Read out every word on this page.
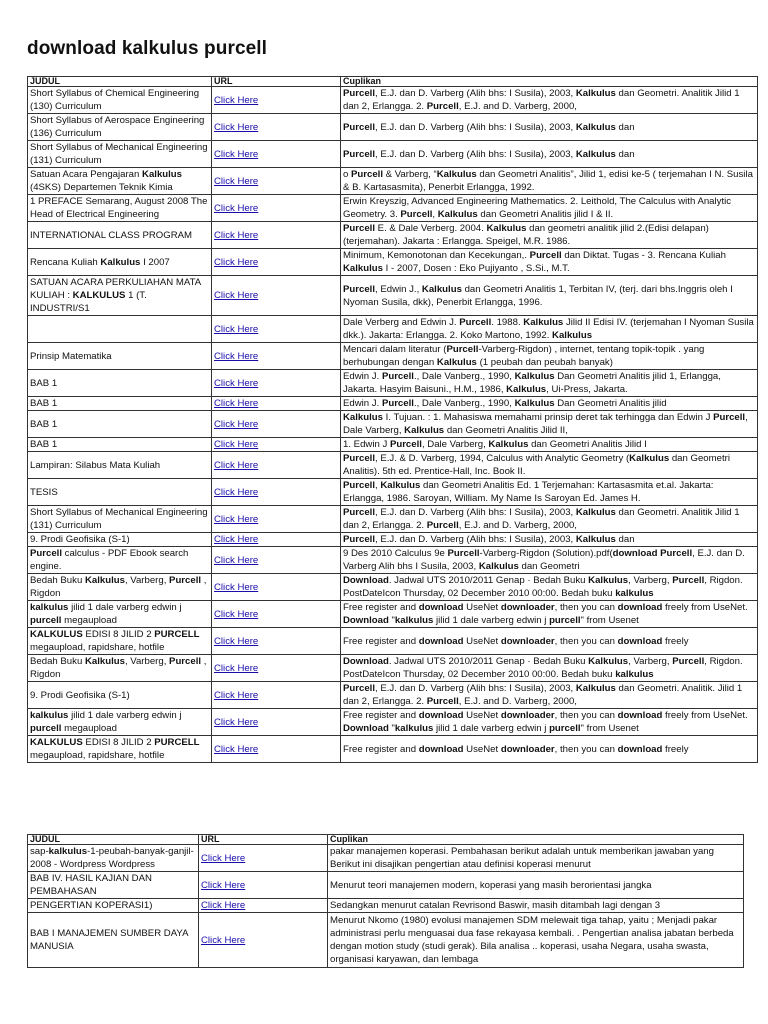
download kalkulus purcell
JUDUL	URL	Cuplikan
Short Syllabus of Chemical Engineering (130) Curriculum	Click Here	Purcell, E.J. dan D. Varberg (Alih bhs: I Susila), 2003, Kalkulus dan Geometri. Analitik Jilid 1 dan 2, Erlangga. 2. Purcell, E.J. and D. Varberg, 2000,
Short Syllabus of Aerospace Engineering (136) Curriculum	Click Here	Purcell, E.J. dan D. Varberg (Alih bhs: I Susila), 2003, Kalkulus dan
Short Syllabus of Mechanical Engineering (131) Curriculum	Click Here	Purcell, E.J. dan D. Varberg (Alih bhs: I Susila), 2003, Kalkulus dan
Satuan Acara Pengajaran Kalkulus (4SKS) Departemen Teknik Kimia	Click Here	o Purcell & Varberg, “Kalkulus dan Geometri Analitis”, Jilid 1, edisi ke-5 ( terjemahan I N. Susila & B. Kartasasmita), Penerbit Erlangga, 1992.
1 PREFACE Semarang, August 2008 The Head of Electrical Engineering	Click Here	Erwin Kreyszig, Advanced Engineering Mathematics. 2. Leithold, The Calculus with Analytic Geometry. 3. Purcell, Kalkulus dan Geometri Analitis jilid I & II.
INTERNATIONAL CLASS PROGRAM	Click Here	Purcell E. & Dale Verberg. 2004. Kalkulus dan geometri analitik jilid 2.(Edisi delapan) (terjemahan). Jakarta : Erlangga. Speigel, M.R. 1986.
Rencana Kuliah Kalkulus I 2007	Click Here	Minimum, Kemonotonan dan Kecekungan,. Purcell dan Diktat. Tugas - 3. Rencana Kuliah Kalkulus I - 2007, Dosen : Eko Pujiyanto , S.Si., M.T.
SATUAN ACARA PERKULIAHAN MATA KULIAH : KALKULUS 1 (T. INDUSTRI/S1	Click Here	Purcell, Edwin J., Kalkulus dan Geometri Analitis 1, Terbitan IV, (terj. dari bhs.Inggris oleh I Nyoman Susila, dkk), Penerbit Erlangga, 1996.
	Click Here	Dale Verberg and Edwin J. Purcell. 1988. Kalkulus Jilid II Edisi IV. (terjemahan I Nyoman Susila dkk.). Jakarta: Erlangga. 2. Koko Martono, 1992. Kalkulus
Prinsip Matematika	Click Here	Mencari dalam literatur (Purcell-Varberg-Rigdon) , internet, tentang topik-topik . yang berhubungan dengan Kalkulus (1 peubah dan peubah banyak)
BAB 1	Click Here	Edwin J. Purcell., Dale Vanberg., 1990, Kalkulus Dan Geometri Analitis jilid 1, Erlangga, Jakarta. Hasyim Baisuni., H.M., 1986, Kalkulus, Ui-Press, Jakarta.
BAB 1	Click Here	Edwin J. Purcell., Dale Vanberg., 1990, Kalkulus Dan Geometri Analitis jilid
BAB 1	Click Here	Kalkulus I. Tujuan. : 1. Mahasiswa memahami prinsip deret tak terhingga dan Edwin J Purcell, Dale Varberg, Kalkulus dan Geometri Analitis Jilid II,
BAB 1	Click Here	1. Edwin J Purcell, Dale Varberg, Kalkulus dan Geometri Analitis Jilid I
Lampiran: Silabus Mata Kuliah	Click Here	Purcell, E.J. & D. Varberg, 1994, Calculus with Analytic Geometry (Kalkulus dan Geometri Analitis). 5th ed. Prentice-Hall, Inc. Book II.
TESIS	Click Here	Purcell, Kalkulus dan Geometri Analitis Ed. 1 Terjemahan: Kartasasmita et.al. Jakarta: Erlangga, 1986. Saroyan, William. My Name Is Saroyan Ed. James H.
Short Syllabus of Mechanical Engineering (131) Curriculum	Click Here	Purcell, E.J. dan D. Varberg (Alih bhs: I Susila), 2003, Kalkulus dan Geometri. Analitik Jilid 1 dan 2, Erlangga. 2. Purcell, E.J. and D. Varberg, 2000,
9. Prodi Geofisika (S-1)	Click Here	Purcell, E.J. dan D. Varberg (Alih bhs: I Susila), 2003, Kalkulus dan
Purcell calculus - PDF Ebook search engine.	Click Here	9 Des 2010 Calculus 9e Purcell-Varberg-Rigdon (Solution).pdf(download Purcell, E.J. dan D. Varberg Alih bhs I Susila, 2003, Kalkulus dan Geometri
Bedah Buku Kalkulus, Varberg, Purcell , Rigdon	Click Here	Download. Jadwal UTS 2010/2011 Genap · Bedah Buku Kalkulus, Varberg, Purcell, Rigdon. PostDateIcon Thursday, 02 December 2010 00:00. Bedah buku kalkulus
kalkulus jilid 1 dale varberg edwin j purcell megaupload	Click Here	Free register and download UseNet downloader, then you can download freely from UseNet. Download "kalkulus jilid 1 dale varberg edwin j purcell" from Usenet
KALKULUS EDISI 8 JILID 2 PURCELL megaupload, rapidshare, hotfile	Click Here	Free register and download UseNet downloader, then you can download freely
Bedah Buku Kalkulus, Varberg, Purcell , Rigdon	Click Here	Download. Jadwal UTS 2010/2011 Genap · Bedah Buku Kalkulus, Varberg, Purcell, Rigdon. PostDateIcon Thursday, 02 December 2010 00:00. Bedah buku kalkulus
9. Prodi Geofisika (S-1)	Click Here	Purcell, E.J. dan D. Varberg (Alih bhs: I Susila), 2003, Kalkulus dan Geometri. Analitik. Jilid 1 dan 2, Erlangga. 2. Purcell, E.J. and D. Varberg, 2000,
kalkulus jilid 1 dale varberg edwin j purcell megaupload	Click Here	Free register and download UseNet downloader, then you can download freely from UseNet. Download "kalkulus jilid 1 dale varberg edwin j purcell" from Usenet
KALKULUS EDISI 8 JILID 2 PURCELL megaupload, rapidshare, hotfile	Click Here	Free register and download UseNet downloader, then you can download freely
JUDUL	URL	Cuplikan
sap-kalkulus-1-peubah-banyak-ganjil-2008 - Wordpress Wordpress	Click Here	pakar manajemen koperasi. Pembahasan berikut adalah untuk memberikan jawaban yang Berikut ini disajikan pengertian atau definisi koperasi menurut
BAB IV. HASIL KAJIAN DAN PEMBAHASAN	Click Here	Menurut teori manajemen modern, koperasi yang masih berorientasi jangka
PENGERTIAN KOPERASI1)	Click Here	Sedangkan menurut catalan Revrisond Baswir, masih ditambah lagi dengan 3
BAB I MANAJEMEN SUMBER DAYA MANUSIA	Click Here	Menurut Nkomo (1980) evolusi manajemen SDM melewait tiga tahap, yaitu ; Menjadi pakar administrasi perlu menguasai dua fase rekayasa kembali. . Pengertian analisa jabatan berbeda dengan motion study (studi gerak). Bila analisa .. koperasi, usaha Negara, usaha swasta, organisasi karyawan, dan lembaga
